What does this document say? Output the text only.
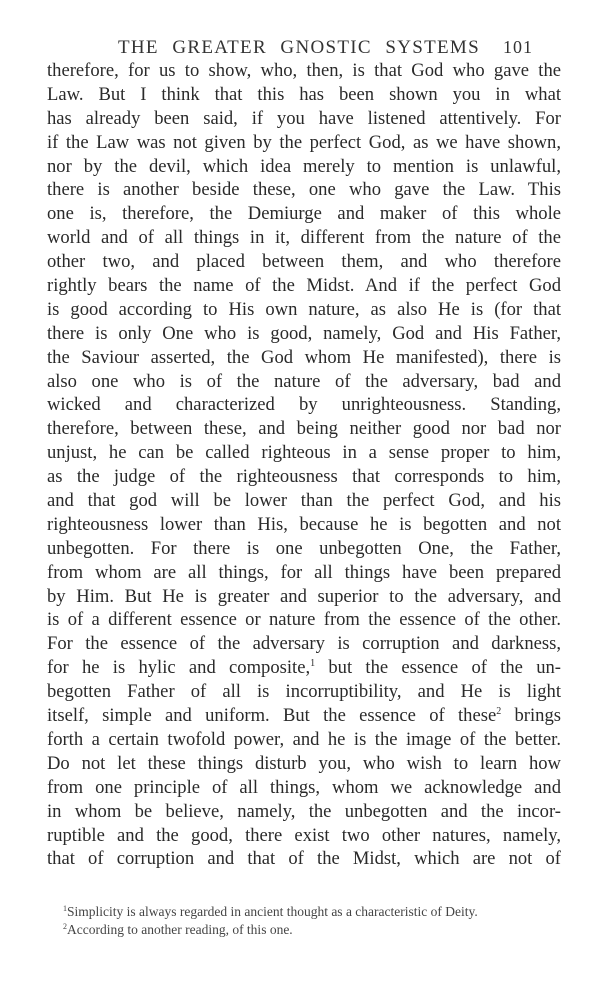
THE GREATER GNOSTIC SYSTEMS 101
therefore, for us to show, who, then, is that God who gave the
Law. But I think that this has been shown you in what
has already been said, if you have listened attentively. For
if the Law was not given by the perfect God, as we have shown,
nor by the devil, which idea merely to mention is unlawful,
there is another beside these, one who gave the Law. This
one is, therefore, the Demiurge and maker of this whole
world and of all things in it, different from the nature of the
other two, and placed between them, and who therefore
rightly bears the name of the Midst. And if the perfect God
is good according to His own nature, as also He is (for that
there is only One who is good, namely, God and His Father,
the Saviour asserted, the God whom He manifested), there is
also one who is of the nature of the adversary, bad and
wicked and characterized by unrighteousness. Standing,
therefore, between these, and being neither good nor bad nor
unjust, he can be called righteous in a sense proper to him,
as the judge of the righteousness that corresponds to him,
and that god will be lower than the perfect God, and his
righteousness lower than His, because he is begotten and not
unbegotten. For there is one unbegotten One, the Father,
from whom are all things, for all things have been prepared
by Him. But He is greater and superior to the adversary, and
is of a different essence or nature from the essence of the other.
For the essence of the adversary is corruption and darkness,
for he is hylic and composite,$^1$ but the essence of the un-
begotten Father of all is incorruptibility, and He is light
itself, simple and uniform. But the essence of these$^2$ brings
forth a certain twofold power, and he is the image of the better.
Do not let these things disturb you, who wish to learn how
from one principle of all things, whom we acknowledge and
in whom be believe, namely, the unbegotten and the incor-
ruptible and the good, there exist two other natures, namely,
that of corruption and that of the Midst, which are not of
$^1$Simplicity is always regarded in ancient thought as a characteristic of Deity.
$^2$According to another reading, of this one.
